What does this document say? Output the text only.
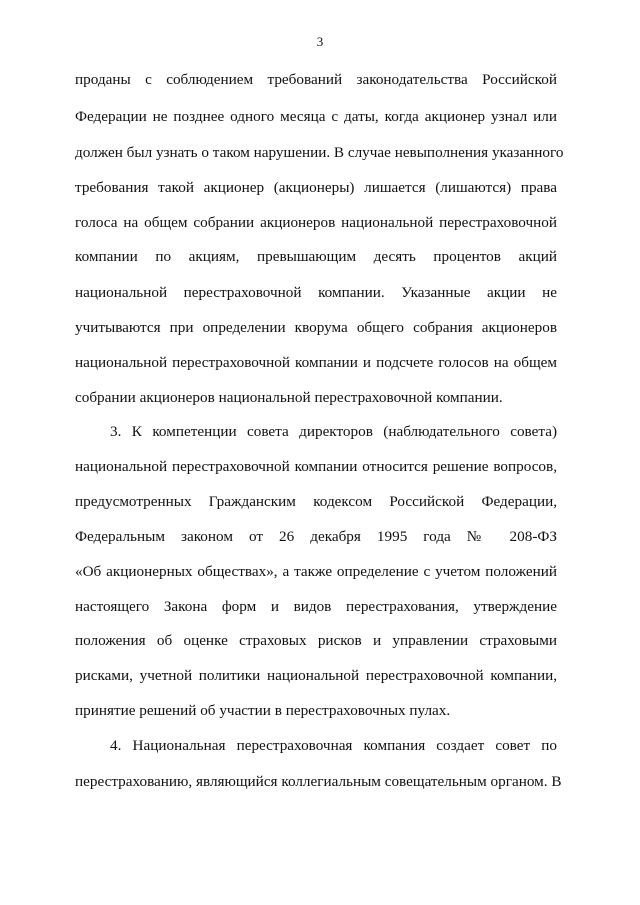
3
проданы с соблюдением требований законодательства Российской
Федерации не позднее одного месяца с даты, когда акционер узнал или
должен был узнать о таком нарушении. В случае невыполнения указанного
требования такой акционер (акционеры) лишается (лишаются) права
голоса на общем собрании акционеров национальной перестраховочной
компании по акциям, превышающим десять процентов акций
национальной перестраховочной компании. Указанные акции не
учитываются при определении кворума общего собрания акционеров
национальной перестраховочной компании и подсчете голосов на общем
собрании акционеров национальной перестраховочной компании.
3. К компетенции совета директоров (наблюдательного совета)
национальной перестраховочной компании относится решение вопросов,
предусмотренных Гражданским кодексом Российской Федерации,
Федеральным законом от 26 декабря 1995 года № 208-ФЗ
«Об акционерных обществах», а также определение с учетом положений
настоящего Закона форм и видов перестрахования, утверждение
положения об оценке страховых рисков и управлении страховыми
рисками, учетной политики национальной перестраховочной компании,
принятие решений об участии в перестраховочных пулах.
4. Национальная перестраховочная компания создает совет по
перестрахованию, являющийся коллегиальным совещательным органом. В
